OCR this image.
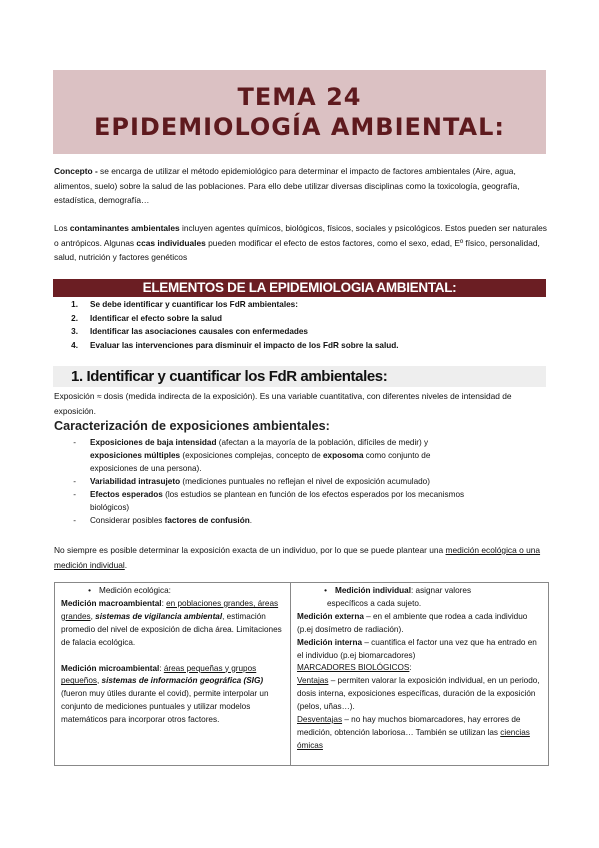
TEMA 24
EPIDEMIOLOGÍA AMBIENTAL:
Concepto - se encarga de utilizar el método epidemiológico para determinar el impacto de factores ambientales (Aire, agua, alimentos, suelo) sobre la salud de las poblaciones. Para ello debe utilizar diversas disciplinas como la toxicología, geografía, estadística, demografía…
Los contaminantes ambientales incluyen agentes químicos, biológicos, físicos, sociales y psicológicos. Estos pueden ser naturales o antrópicos. Algunas ccas individuales pueden modificar el efecto de estos factores, como el sexo, edad, Eº físico, personalidad, salud, nutrición y factores genéticos
ELEMENTOS DE LA EPIDEMIOLOGIA AMBIENTAL:
1.	Se debe identificar y cuantificar los FdR ambientales:
2.	Identificar el efecto sobre la salud
3.	Identificar las asociaciones causales con enfermedades
4.	Evaluar las intervenciones para disminuir el impacto de los FdR sobre la salud.
1. Identificar y cuantificar los FdR ambientales:
Exposición ≈ dosis (medida indirecta de la exposición). Es una variable cuantitativa, con diferentes niveles de intensidad de exposición.
Caracterización de exposiciones ambientales:
-	Exposiciones de baja intensidad (afectan a la mayoría de la población, difíciles de medir) y
exposiciones múltiples (exposiciones complejas, concepto de exposoma como conjunto de
exposiciones de una persona).
-	Variabilidad intrasujeto (mediciones puntuales no reflejan el nivel de exposición acumulado)
-	Efectos esperados (los estudios se plantean en función de los efectos esperados por los mecanismos
biológicos)
-	Considerar posibles factores de confusión.
No siempre es posible determinar la exposición exacta de un individuo, por lo que se puede plantear una medición ecológica o una medición individual.
• Medición ecológica:
Medición macroambiental: en poblaciones grandes, áreas grandes, sistemas de vigilancia ambiental, estimación promedio del nivel de exposición de dicha área. Limitaciones de falacia ecológica.
Medición microambiental: áreas pequeñas y grupos pequeños, sistemas de información geográfica (SIG) (fueron muy útiles durante el covid), permite interpolar un conjunto de mediciones puntuales y utilizar modelos matemáticos para incorporar otros factores.
• Medición individual: asignar valores
específicos a cada sujeto.
Medición externa – en el ambiente que rodea a cada individuo (p.ej dosímetro de radiación).
Medición interna – cuantifica el factor una vez que ha entrado en el individuo (p.ej biomarcadores)
MARCADORES BIOLÓGICOS:
Ventajas – permiten valorar la exposición individual, en un periodo, dosis interna, exposiciones específicas, duración de la exposición (pelos, uñas…).
Desventajas – no hay muchos biomarcadores, hay errores de medición, obtención laboriosa… También se utilizan las ciencias ómicas
